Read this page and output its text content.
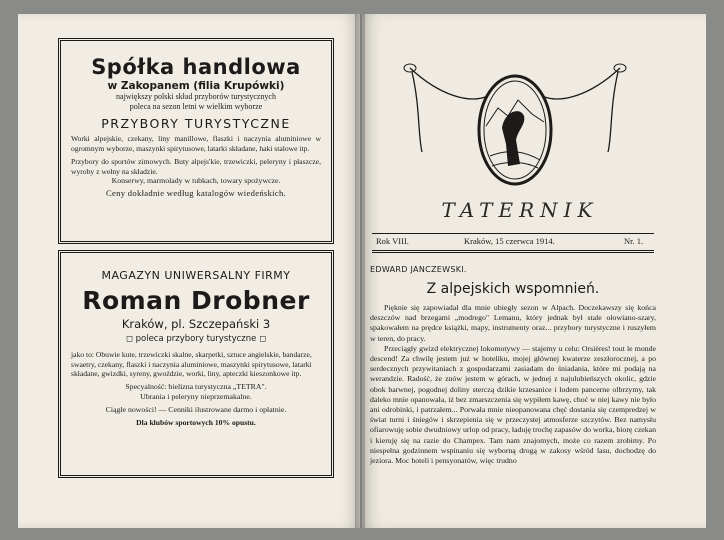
Spółka handlowa
w Zakopanem (filia Krupówki)
największy polski skład przyborów turystycznych
poleca na sezon letni w wielkim wyborze
PRZYBORY TURYSTYCZNE
Worki alpejskie, czekany, liny manillowe, flaszki i naczynia aluminiowe w ogromnym wyborze, maszynki spirytusowe, latarki składane, haki stalowe itp.
Przybory do sportów zimowych. Buty alpejs'kie, trzewiczki, peleryny i płaszcze, wyroby z wełny na składzie.
Konserwy, marmolady w tubkach, towary spożywcze.
Ceny dokładnie według katalogów wiedeńskich.
MAGAZYN UNIWERSALNY FIRMY
Roman Drobner
Kraków, pl. Szczepański 3
◻ poleca przybory turystyczne ◻
jako to: Obuwie kute, trzewiczki skalne, skarpetki, sztuce angielskie, bandarze, swaetry, czekany, flaszki i naczynia aluminiowe, maszynki spirytusowe, latarki składane, gwizdki, syreny, gwoździe, worki, liny, apteczki kieszonkowe itp.
Specyalność: bielizna turystyczna „TETRA".
Ubrania i peleryny nieprzemakalne.
Ciągłe nowości! — Cenniki ilustrowane darmo i opłatnie.
Dla klubów sportowych 10% opustu.
TATERNIK
Rok VIII.	Kraków, 15 czerwca 1914.	Nr. 1.
EDWARD JANCZEWSKI.
Z alpejskich wspomnień.

Pięknie się zapowiadał dla mnie ubiegły sezon w Alpach. Doczekawszy się końca deszczów nad brzegami „modrego" Lemanu, który jednak był stale ołowiano-szary, spakowałem na prędce książki, mapy, instrumenty oraz... przybory turystyczne i ruszyłem w teren, do pracy.

Przeciągły gwizd elektrycznej lokomotywy — stajemy u celu: Orsières! tout le monde descend! Za chwilę jestem już w hoteliku, mojej głównej kwaterze zeszłorocznej, a po serdecznych przywitaniach z gospodarzami zasiadam do śniadania, które mi podają na werandzie. Radość, że znów jestem w górach, w jednej z najulubieńszych okolic, gdzie obok barwnej, pogodnej doliny sterczą dzikie krzesanice i lodem pancerne olbrzymy, tak daleko mnie opanowała, iż bez zmarszczenia się wypiłem kawę, choć w niej kawy nie było ani odrobinki, i patrzałem... Porwała mnie nieopanowana chęć dostania się czempredzej w świat turni i śniegów i skrzepienia się w przeczystej atmosferze szczytów. Bez namysłu ofiarowuję sobie dwudniowy urlop od pracy, ładuję trochę zapasów do worka, biorę czekan i kieruję się na razie do Champex. Tam nam znajomych, może co razem zrobimy. Po niespełna godzinnem wspinaniu się wyborną drogą w zakosy wśród lasu, dochodzę do jeziora. Moc hoteli i pensyonatów, więc trudno
